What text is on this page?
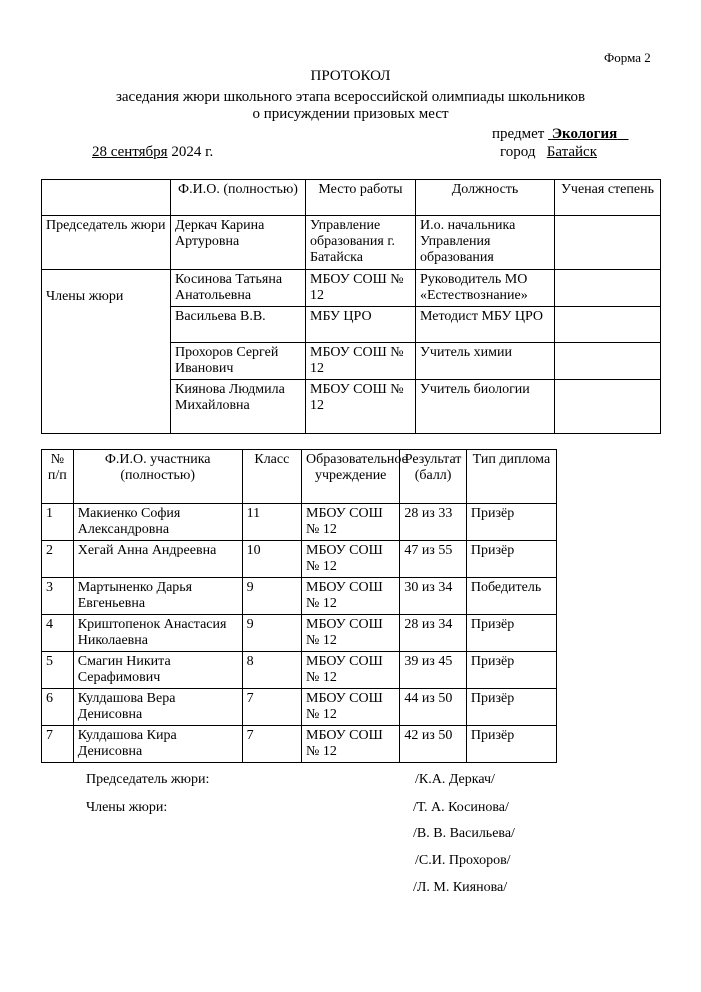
Форма 2
ПРОТОКОЛ
заседания жюри школьного этапа всероссийской олимпиады школьников
о присуждении призовых мест
предмет Экология
28 сентября 2024 г.	город Батайск
	Ф.И.О. (полностью)	Место работы	Должность	Ученая степень
Председатель жюри	Деркач Карина Артуровна	Управление образования г. Батайска	И.о. начальника Управления образования	
Члены жюри	Косинова Татьяна Анатольевна	МБОУ СОШ № 12	Руководитель МО «Естествознание»	
	Васильева В.В.	МБУ ЦРО	Методист МБУ ЦРО	
	Прохоров Сергей Иванович	МБОУ СОШ № 12	Учитель химии	
	Киянова Людмила Михайловна	МБОУ СОШ № 12	Учитель биологии	
№ п/п	Ф.И.О. участника (полностью)	Класс	Образовательное учреждение	Результат (балл)	Тип диплома
1	Макиенко София Александровна	11	МБОУ СОШ № 12	28 из 33	Призёр
2	Хегай Анна Андреевна	10	МБОУ СОШ № 12	47 из 55	Призёр
3	Мартыненко Дарья Евгеньевна	9	МБОУ СОШ № 12	30 из 34	Победитель
4	Криштопенок Анастасия Николаевна	9	МБОУ СОШ № 12	28 из 34	Призёр
5	Смагин Никита Серафимович	8	МБОУ СОШ № 12	39 из 45	Призёр
6	Кулдашова Вера Денисовна	7	МБОУ СОШ № 12	44 из 50	Призёр
7	Кулдашова Кира Денисовна	7	МБОУ СОШ № 12	42 из 50	Призёр
Председатель жюри:	/К.А. Деркач/
Члены жюри:	/Т. А. Косинова/
/В. В. Васильева/
/С.И. Прохоров/
/Л. М. Киянова/
